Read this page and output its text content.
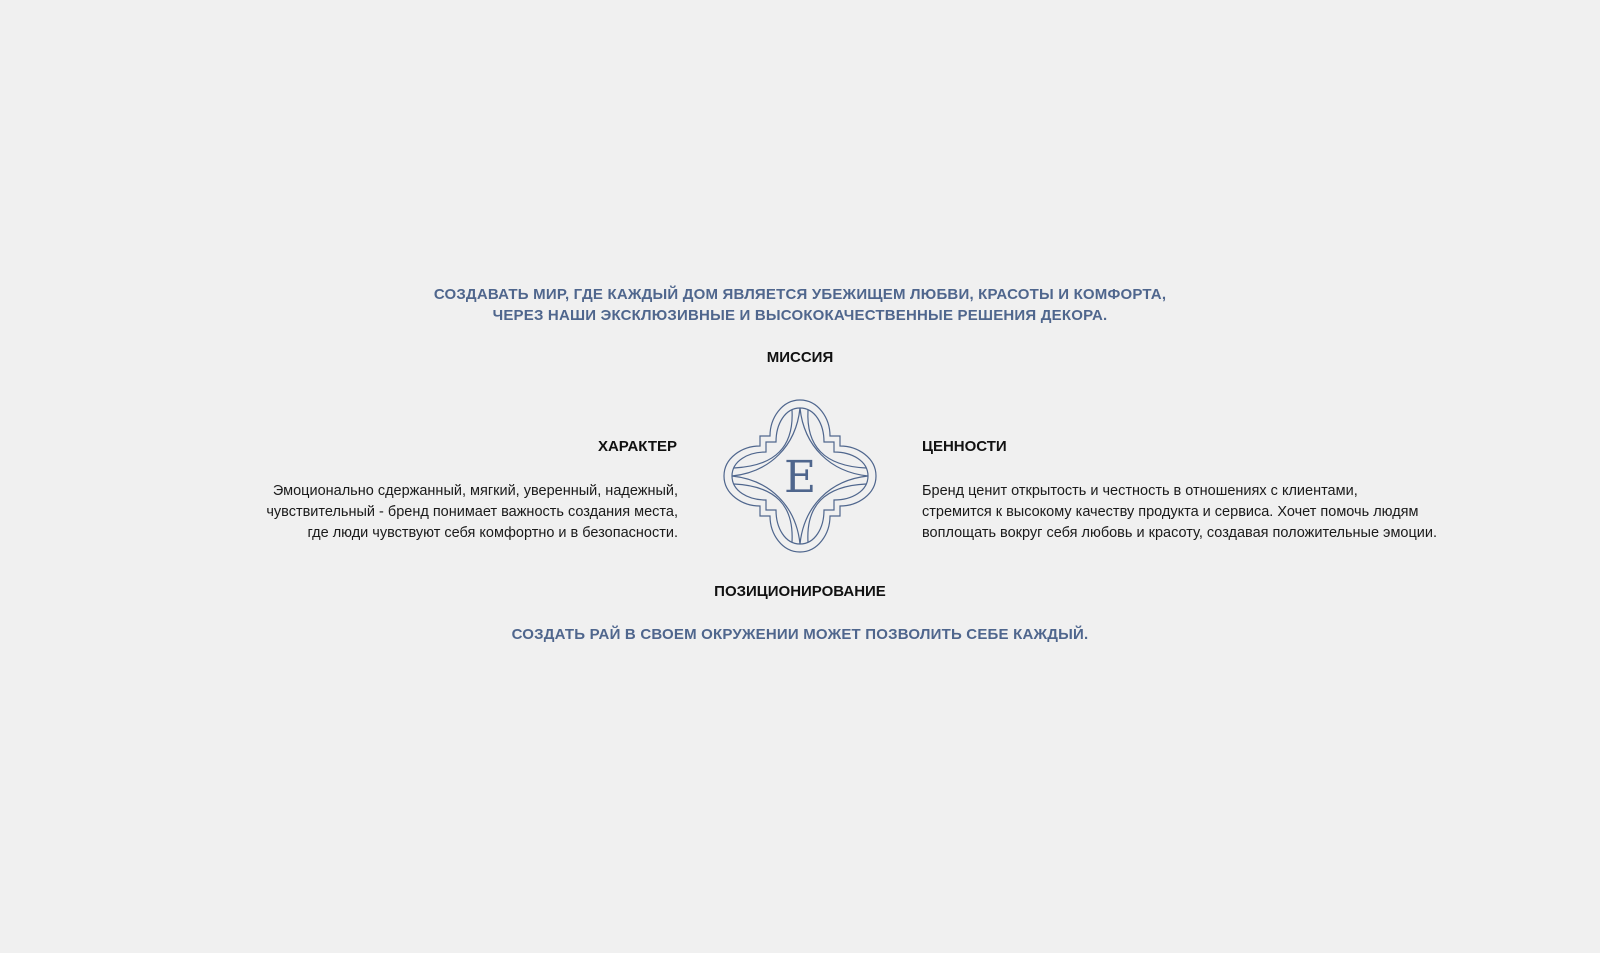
СОЗДАВАТЬ МИР, ГДЕ КАЖДЫЙ ДОМ ЯВЛЯЕТСЯ УБЕЖИЩЕМ ЛЮБВИ, КРАСОТЫ И КОМФОРТА,
ЧЕРЕЗ НАШИ ЭКСКЛЮЗИВНЫЕ И ВЫСОКОКАЧЕСТВЕННЫЕ РЕШЕНИЯ ДЕКОРА.
МИССИЯ
ХАРАКТЕР
Эмоционально сдержанный, мягкий, уверенный, надежный,
чувствительный - бренд понимает важность создания места,
где люди чувствуют себя комфортно и в безопасности.
E
ЦЕННОСТИ
Бренд ценит открытость и честность в отношениях с клиентами,
стремится к высокому качеству продукта и сервиса. Хочет помочь людям
воплощать вокруг себя любовь и красоту, создавая положительные эмоции.
ПОЗИЦИОНИРОВАНИЕ
СОЗДАТЬ РАЙ В СВОЕМ ОКРУЖЕНИИ МОЖЕТ ПОЗВОЛИТЬ СЕБЕ КАЖДЫЙ.
